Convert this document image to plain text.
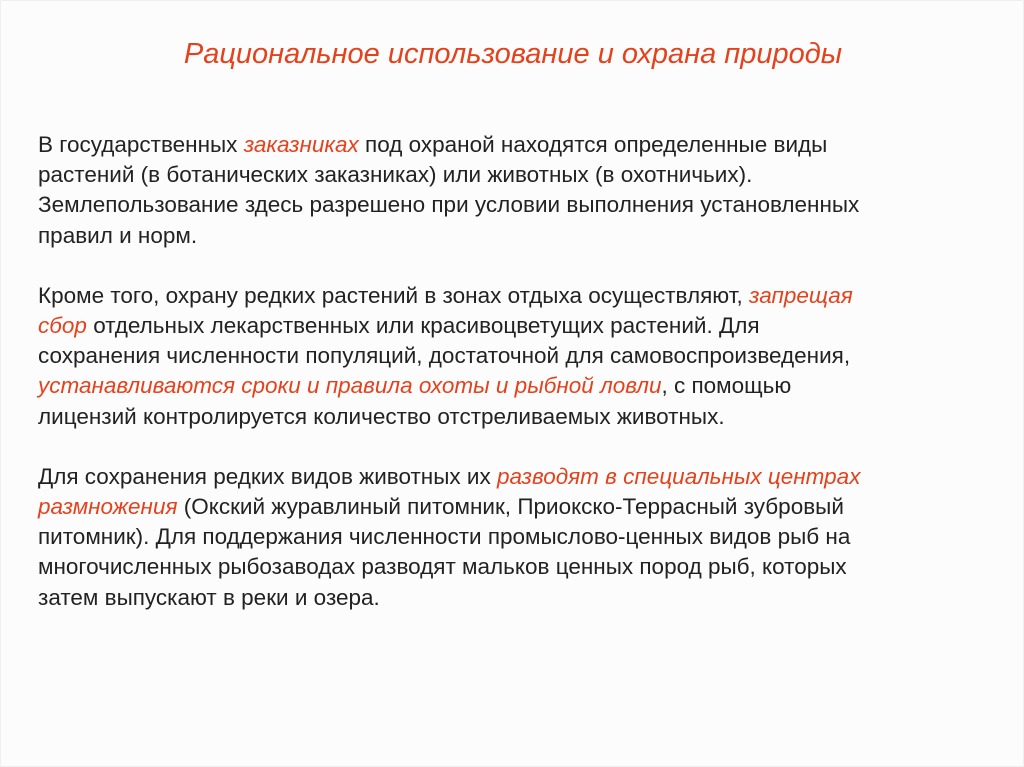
Рациональное использование и охрана природы

В государственных заказниках под охраной находятся определенные виды
растений (в ботанических заказниках) или животных (в охотничьих).
Землепользование здесь разрешено при условии выполнения установленных
правил и норм.

Кроме того, охрану редких растений в зонах отдыха осуществляют, запрещая
сбор отдельных лекарственных или красивоцветущих растений. Для
сохранения численности популяций, достаточной для самовоспроизведения,
устанавливаются сроки и правила охоты и рыбной ловли, с помощью
лицензий контролируется количество отстреливаемых животных.

Для сохранения редких видов животных их разводят в специальных центрах
размножения (Окский журавлиный питомник, Приокско-Террасный зубровый
питомник). Для поддержания численности промыслово-ценных видов рыб на
многочисленных рыбозаводах разводят мальков ценных пород рыб, которых
затем выпускают в реки и озера.
